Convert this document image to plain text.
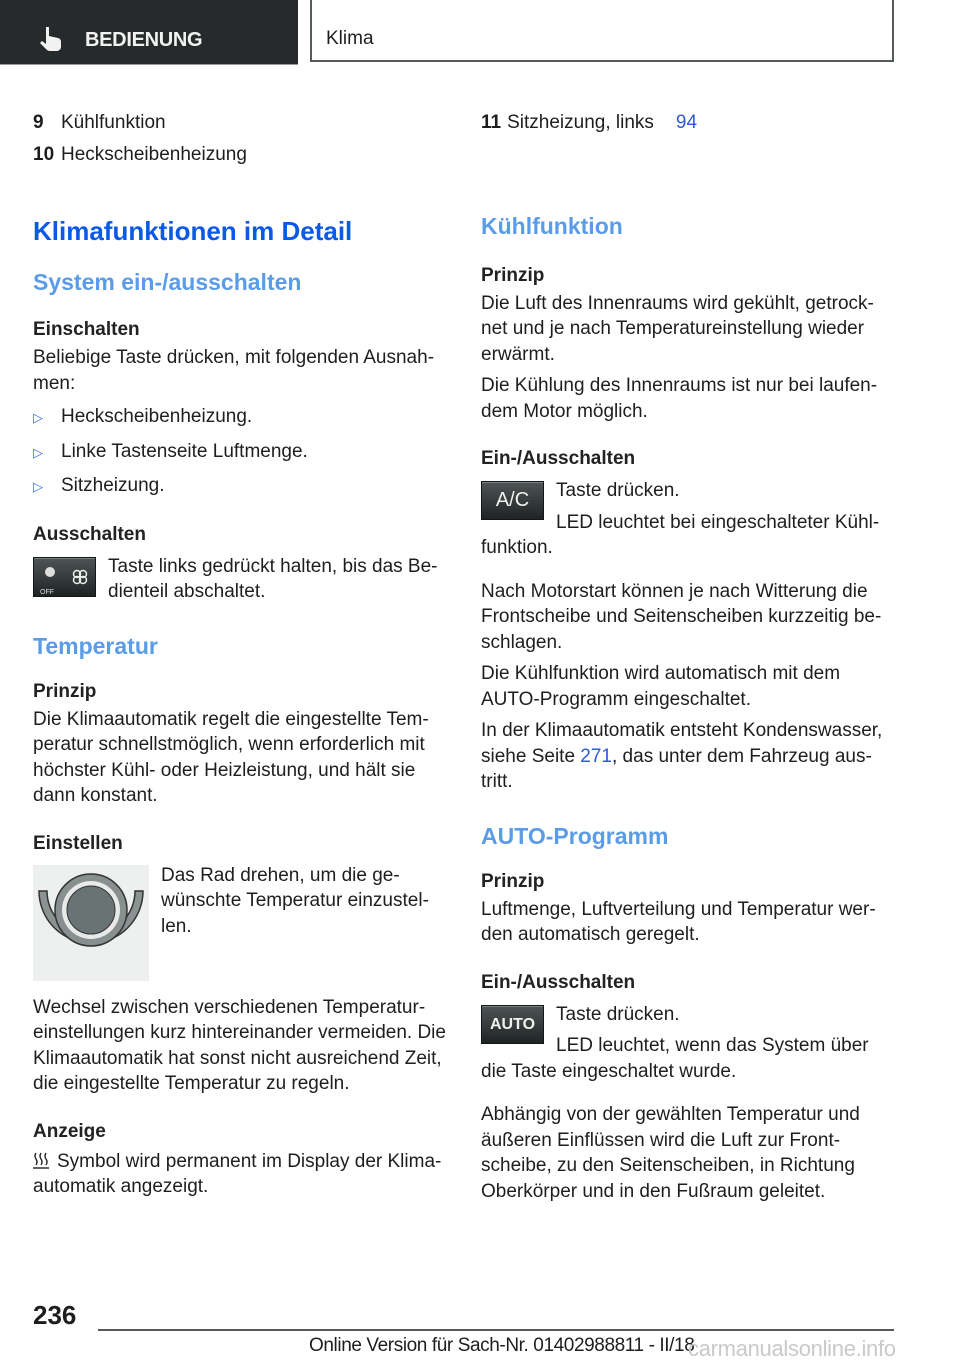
BEDIENUNG	Klima
9 Kühlfunktion
10 Heckscheibenheizung
Klimafunktionen im Detail
System ein-/ausschalten
Einschalten

Beliebige Taste drücken, mit folgenden Ausnah-men:

▷ Heckscheibenheizung.
▷ Linke Tastenseite Luftmenge.
▷ Sitzheizung.
Ausschalten
OFF

Taste links gedrückt halten, bis das Be-dienteil abschaltet.

Temperatur
Prinzip

Die Klimaautomatik regelt die eingestellte Tem-peratur schnellstmöglich, wenn erforderlich mit höchster Kühl- oder Heizleistung, und hält sie dann konstant.

Einstellen

Das Rad drehen, um die ge-wünschte Temperatur einzustel-len.

Wechsel zwischen verschiedenen Temperatur-einstellungen kurz hintereinander vermeiden. Die Klimaautomatik hat sonst nicht ausreichend Zeit, die eingestellte Temperatur zu regeln.

Anzeige

Symbol wird permanent im Display der Klima-automatik angezeigt.

11 Sitzheizung, links 94
Kühlfunktion
Prinzip

Die Luft des Innenraums wird gekühlt, getrock-net und je nach Temperatureinstellung wieder erwärmt.

Die Kühlung des Innenraums ist nur bei laufen-dem Motor möglich.

Ein-/Ausschalten
A/C	Taste drücken.

LED leuchtet bei eingeschalteter Kühl-funktion.

Nach Motorstart können je nach Witterung die Frontscheibe und Seitenscheiben kurzzeitig be-schlagen.

Die Kühlfunktion wird automatisch mit dem AUTO-Programm eingeschaltet.

In der Klimaautomatik entsteht Kondenswasser, siehe Seite 271, das unter dem Fahrzeug aus-tritt.

AUTO-Programm
Prinzip

Luftmenge, Luftverteilung und Temperatur wer-den automatisch geregelt.

Ein-/Ausschalten
AUTO	Taste drücken.

LED leuchtet, wenn das System über die Taste eingeschaltet wurde.

Abhängig von der gewählten Temperatur und äußeren Einflüssen wird die Luft zur Front-scheibe, zu den Seitenscheiben, in Richtung Oberkörper und in den Fußraum geleitet.

236
Online Version für Sach-Nr. 01402988811 - II/18
carmanualsonline.info
